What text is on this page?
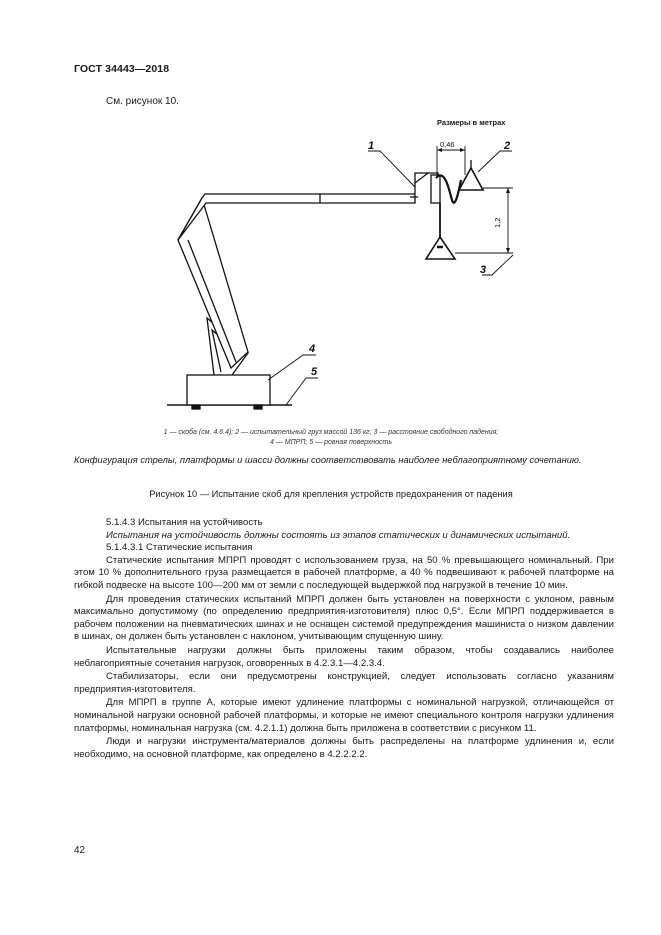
ГОСТ 34443—2018
См. рисунок 10.
Размеры в метрах
0,46
1,2
1	2
3
4
5
1 — скоба (см. 4.6.4); 2 — испытательный груз массой 136 кг; 3 — расстояние свободного падения;
4 — МПРП; 5 — ровная поверхность
Конфигурация стрелы, платформы и шасси должны соответствовать наиболее неблагоприятному сочетанию.
Рисунок 10 — Испытание скоб для крепления устройств предохранения от падения

5.1.4.3 Испытания на устойчивость

Испытания на устойчивость должны состоять из этапов статических и динамических испытаний.

5.1.4.3.1 Статические испытания

Статические испытания МПРП проводят с использованием груза, на 50 % превышающего номинальный. При этом 10 % дополнительного груза размещается в рабочей платформе, а 40 % подвешивают к рабочей платформе на гибкой подвеске на высоте 100—200 мм от земли с последующей выдержкой под нагрузкой в течение 10 мин.

Для проведения статических испытаний МПРП должен быть установлен на поверхности с уклоном, равным максимально допустимому (по определению предприятия-изготовителя) плюс 0,5°. Если МПРП поддерживается в рабочем положении на пневматических шинах и не оснащен системой предупреждения машиниста о низком давлении в шинах, он должен быть установлен с наклоном, учитывающим спущенную шину.

Испытательные нагрузки должны быть приложены таким образом, чтобы создавались наиболее неблагоприятные сочетания нагрузок, оговоренных в 4.2.3.1—4.2.3.4.

Стабилизаторы, если они предусмотрены конструкцией, следует использовать согласно указаниям предприятия-изготовителя.

Для МПРП в группе А, которые имеют удлинение платформы с номинальной нагрузкой, отличающейся от номинальной нагрузки основной рабочей платформы, и которые не имеют специального контроля нагрузки удлинения платформы, номинальная нагрузка (см. 4.2.1.1) должна быть приложена в соответствии с рисунком 11.

Люди и нагрузки инструмента/материалов должны быть распределены на платформе удлинения и, если необходимо, на основной платформе, как определено в 4.2.2.2.2.

42
